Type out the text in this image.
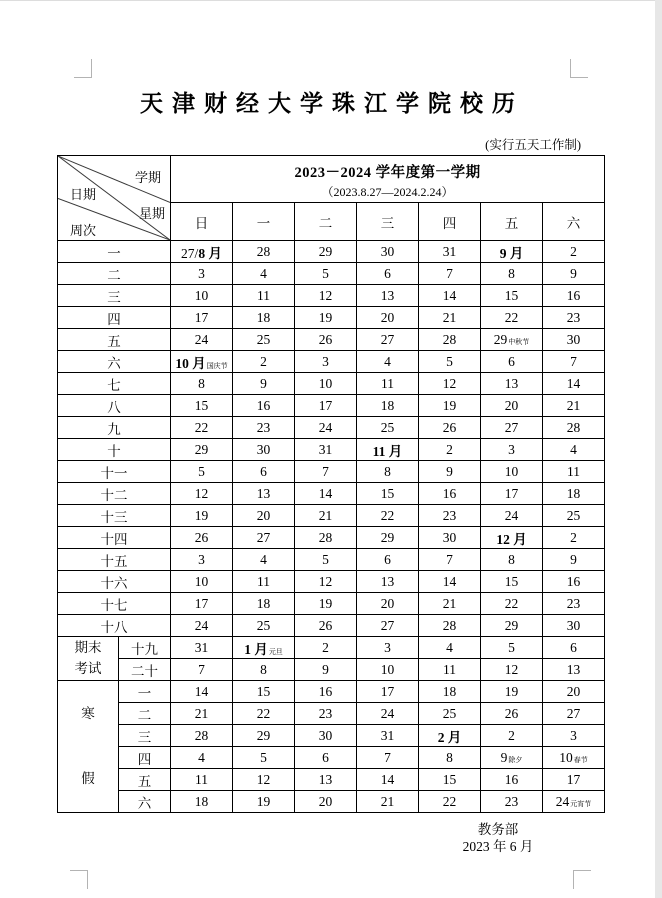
天津财经大学珠江学院校历
(实行五天工作制)
学期
日期
星期
周次

2023－2024 学年度第一学期
（2023.8.27—2024.2.24）

		日	一	二	三	四	五	六
一		27/8 月	28	29	30	31	9 月	2
二		3	4	5	6	7	8	9
三		10	11	12	13	14	15	16
四		17	18	19	20	21	22	23
五		24	25	26	27	28	29中秋节	30
六		10 月国庆节	2	3	4	5	6	7
七		8	9	10	11	12	13	14
八		15	16	17	18	19	20	21
九		22	23	24	25	26	27	28
十		29	30	31	11 月	2	3	4
十一		5	6	7	8	9	10	11
十二		12	13	14	15	16	17	18
十三		19	20	21	22	23	24	25
十四		26	27	28	29	30	12 月	2
十五		3	4	5	6	7	8	9
十六		10	11	12	13	14	15	16
十七		17	18	19	20	21	22	23
十八		24	25	26	27	28	29	30

期末
考试	十九	31	1 月元旦	2	3	4	5	6
	二十	7	8	9	10	11	12	13

寒
假	一	14	15	16	17	18	19	20
	二	21	22	23	24	25	26	27
	三	28	29	30	31	2 月	2	3
	四	4	5	6	7	8	9除夕	10春节
	五	11	12	13	14	15	16	17
	六	18	19	20	21	22	23	24元宵节
教务部
2023 年 6 月
